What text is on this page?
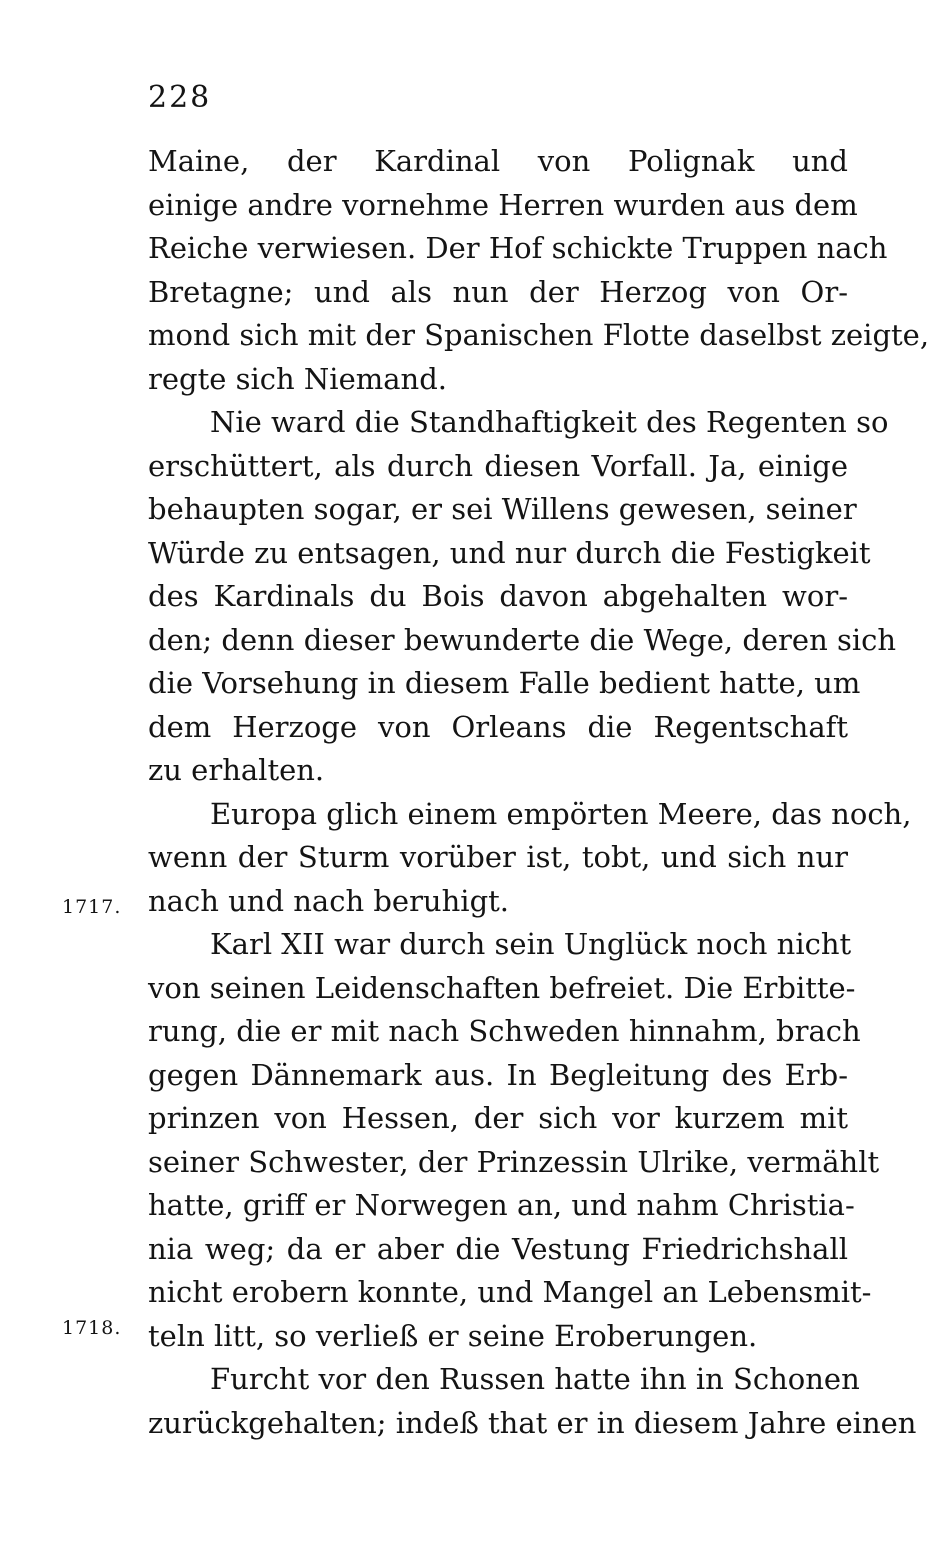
228
1717.
1718.

Maine, der Kardinal von Polignak und
einige andre vornehme Herren wurden aus dem
Reiche verwiesen. Der Hof schickte Truppen nach
Bretagne; und als nun der Herzog von Or-
mond sich mit der Spanischen Flotte daselbst zeigte,
regte sich Niemand.

Nie ward die Standhaftigkeit des Regenten so
erschüttert, als durch diesen Vorfall. Ja, einige
behaupten sogar, er sei Willens gewesen, seiner
Würde zu entsagen, und nur durch die Festigkeit
des Kardinals du Bois davon abgehalten wor-
den; denn dieser bewunderte die Wege, deren sich
die Vorsehung in diesem Falle bedient hatte, um
dem Herzoge von Orleans die Regentschaft
zu erhalten.

Europa glich einem empörten Meere, das noch,
wenn der Sturm vorüber ist, tobt, und sich nur
nach und nach beruhigt.

Karl XII war durch sein Unglück noch nicht
von seinen Leidenschaften befreiet. Die Erbitte-
rung, die er mit nach Schweden hinnahm, brach
gegen Dännemark aus. In Begleitung des Erb-
prinzen von Hessen, der sich vor kurzem mit
seiner Schwester, der Prinzessin Ulrike, vermählt
hatte, griff er Norwegen an, und nahm Christia-
nia weg; da er aber die Vestung Friedrichshall
nicht erobern konnte, und Mangel an Lebensmit-
teln litt, so verließ er seine Eroberungen.

Furcht vor den Russen hatte ihn in Schonen
zurückgehalten; indeß that er in diesem Jahre einen
